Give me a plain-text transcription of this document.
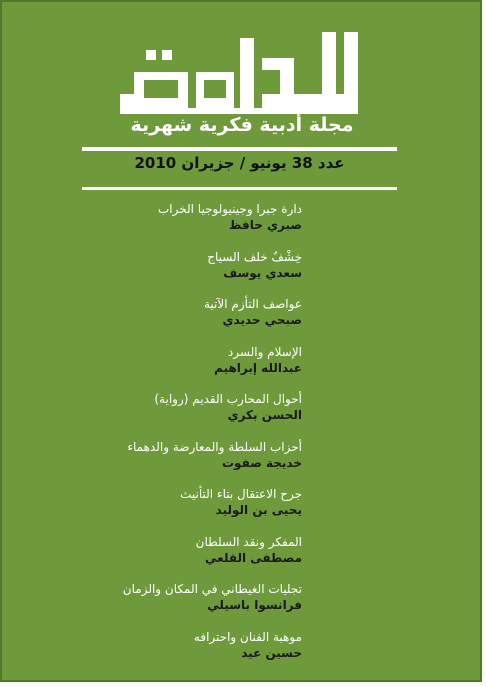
مجلة أدبية فكرية شهرية
عدد 38 يونيو / جزيران 2010
دارة جبرا وجينيولوجيا الخراب
صبري حافظ
خِشْفٌ خلف السياج
سعدي يوسف
عواصف التأزم الآتية
صبحي حديدي
الإسلام والسرد
عبدالله إبراهيم
أحوال المحارب القديم (رواية)
الحسن بكري
أحزاب السلطة والمعارضة والدهماء
خديجة صفوت
جرح الاعتقال بتاء التأنيث
يحيى بن الوليد
المفكر ونقد السلطان
مصطفى القلعي
تجليات الغيطاني في المكان والزمان
فرانسوا باسيلي
موهبة الفنان واحترافه
حسين عيد
